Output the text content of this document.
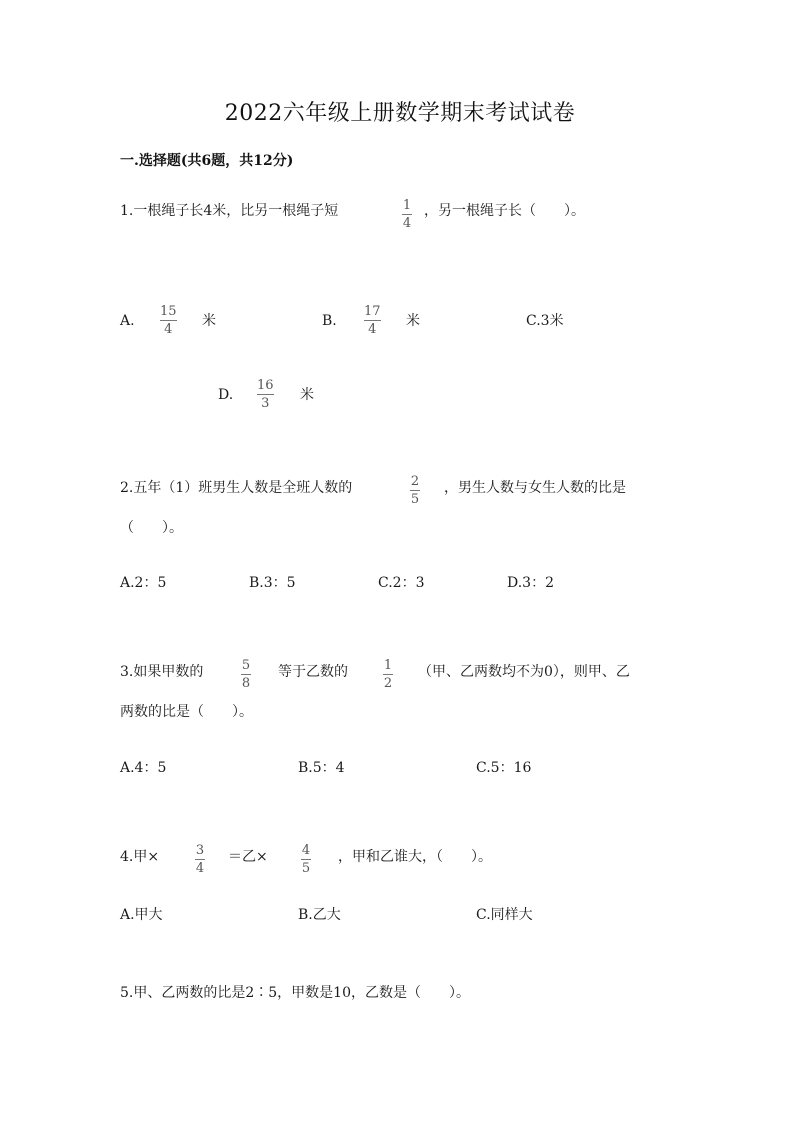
2022六年级上册数学期末考试试卷
一.选择题(共6题，共12分)
1.一根绳子长4米，比另一根绳子短	1
4
，另一根绳子长（　　）。
A.
15
4
米	B.
17
4
米	C.3米
D.
16
3
米
2.五年（1）班男生人数是全班人数的	2
5
，男生人数与女生人数的比是
（　　）。
A.2：5	B.3：5	C.2：3	D.3：2
3.如果甲数的	5
8
等于乙数的	1
2
（甲、乙两数均不为0），则甲、乙
两数的比是（　　）。
A.4：5	B.5：4	C.5：16
4.甲×	3
4
＝乙×	4
5
，甲和乙谁大，（　　）。
A.甲大	B.乙大	C.同样大
5.甲、乙两数的比是2∶5，甲数是10，乙数是（　　）。
